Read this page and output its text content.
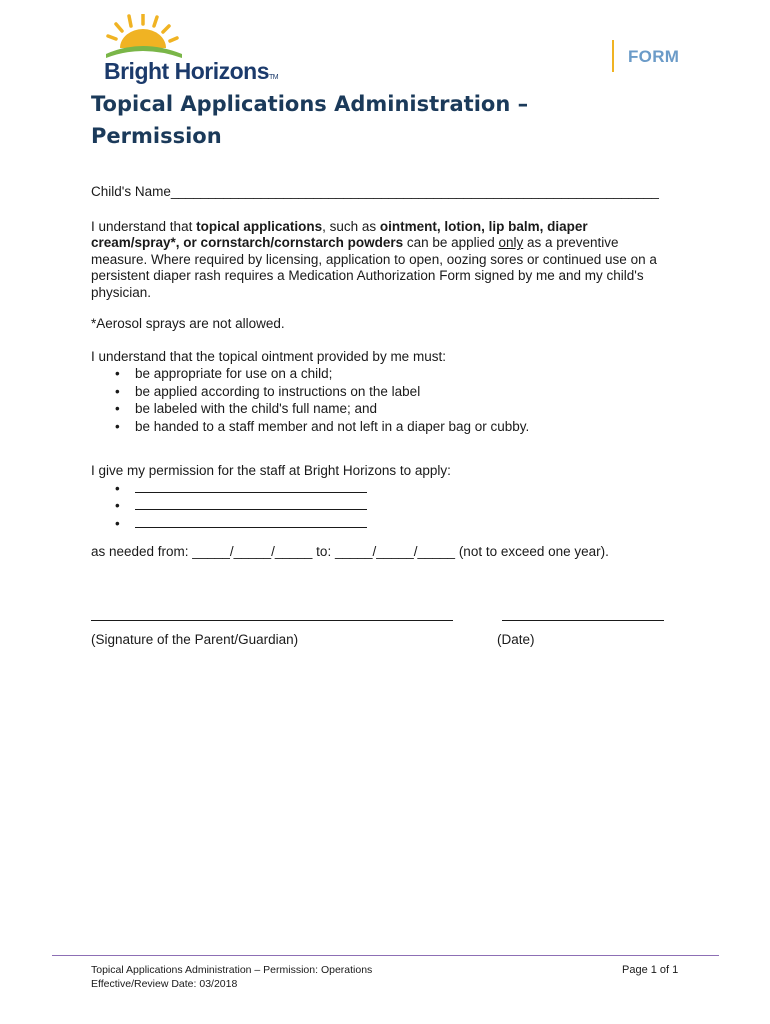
Bright HorizonsTM
FORM
Topical Applications Administration – Permission

Child's Name_________________________________________________________________

I understand that topical applications, such as ointment, lotion, lip balm, diaper cream/spray*, or cornstarch/cornstarch powders can be applied only as a preventive measure. Where required by licensing, application to open, oozing sores or continued use on a persistent diaper rash requires a Medication Authorization Form signed by me and my child's physician.

*Aerosol sprays are not allowed.

I understand that the topical ointment provided by me must:

• be appropriate for use on a child;
• be applied according to instructions on the label
• be labeled with the child's full name; and
• be handed to a staff member and not left in a diaper bag or cubby.

I give my permission for the staff at Bright Horizons to apply:

•
•
•

as needed from: _____/_____/_____ to: _____/_____/_____ (not to exceed one year).

(Signature of the Parent/Guardian)	(Date)
Topical Applications Administration – Permission: Operations
Effective/Review Date: 03/2018
Page 1 of 1
